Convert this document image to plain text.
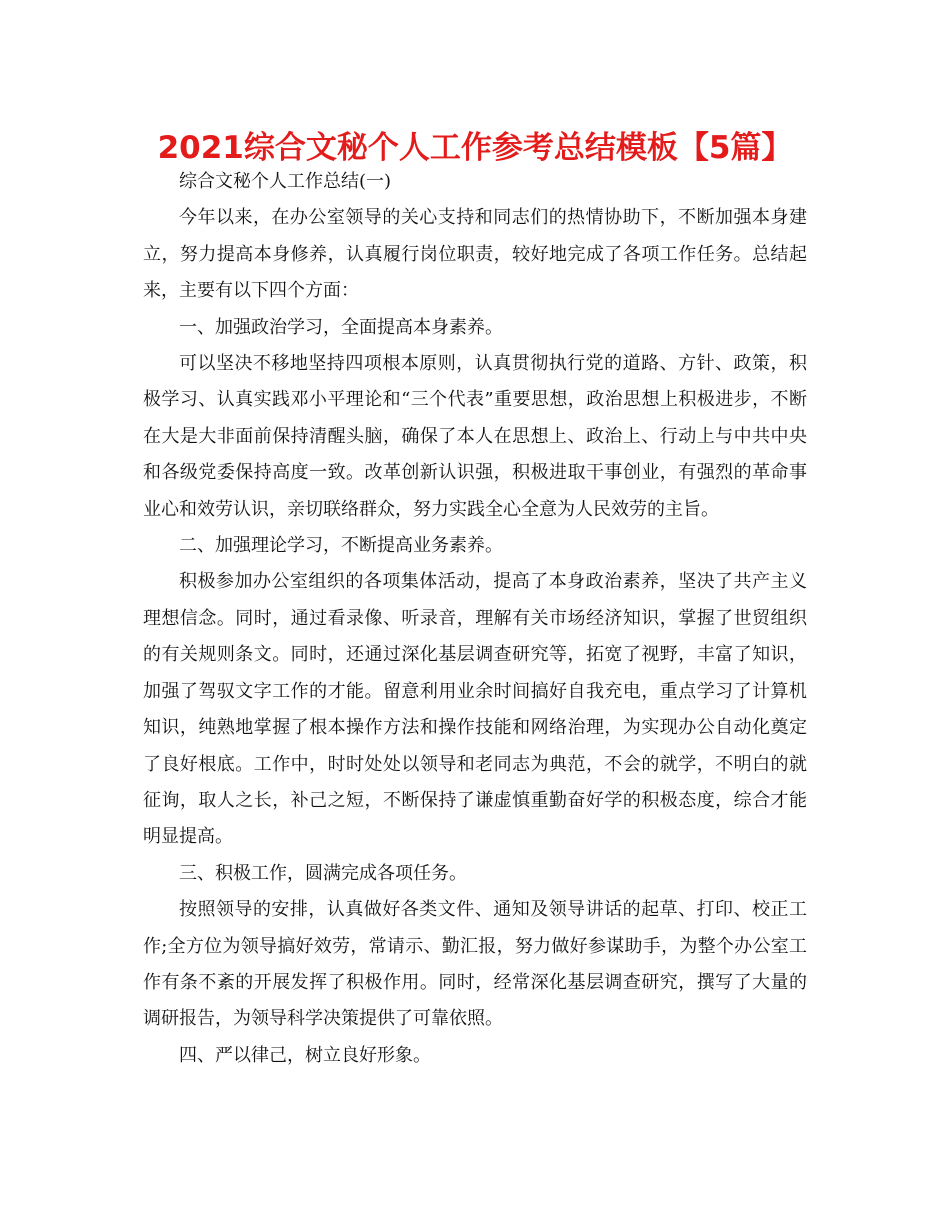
2021综合文秘个人工作参考总结模板【5篇】

综合文秘个人工作总结(一)

今年以来，在办公室领导的关心支持和同志们的热情协助下，不断加强本身建立，努力提高本身修养，认真履行岗位职责，较好地完成了各项工作任务。总结起来，主要有以下四个方面：

一、加强政治学习，全面提高本身素养。

可以坚决不移地坚持四项根本原则，认真贯彻执行党的道路、方针、政策，积极学习、认真实践邓小平理论和“三个代表”重要思想，政治思想上积极进步，不断在大是大非面前保持清醒头脑，确保了本人在思想上、政治上、行动上与中共中央和各级党委保持高度一致。改革创新认识强，积极进取干事创业，有强烈的革命事业心和效劳认识，亲切联络群众，努力实践全心全意为人民效劳的主旨。

二、加强理论学习，不断提高业务素养。

积极参加办公室组织的各项集体活动，提高了本身政治素养，坚决了共产主义理想信念。同时，通过看录像、听录音，理解有关市场经济知识，掌握了世贸组织的有关规则条文。同时，还通过深化基层调查研究等，拓宽了视野，丰富了知识，加强了驾驭文字工作的才能。留意利用业余时间搞好自我充电，重点学习了计算机知识，纯熟地掌握了根本操作方法和操作技能和网络治理，为实现办公自动化奠定了良好根底。工作中，时时处处以领导和老同志为典范，不会的就学，不明白的就征询，取人之长，补己之短，不断保持了谦虚慎重勤奋好学的积极态度，综合才能明显提高。

三、积极工作，圆满完成各项任务。

按照领导的安排，认真做好各类文件、通知及领导讲话的起草、打印、校正工作;全方位为领导搞好效劳，常请示、勤汇报，努力做好参谋助手，为整个办公室工作有条不紊的开展发挥了积极作用。同时，经常深化基层调查研究，撰写了大量的调研报告，为领导科学决策提供了可靠依照。

四、严以律己，树立良好形象。
